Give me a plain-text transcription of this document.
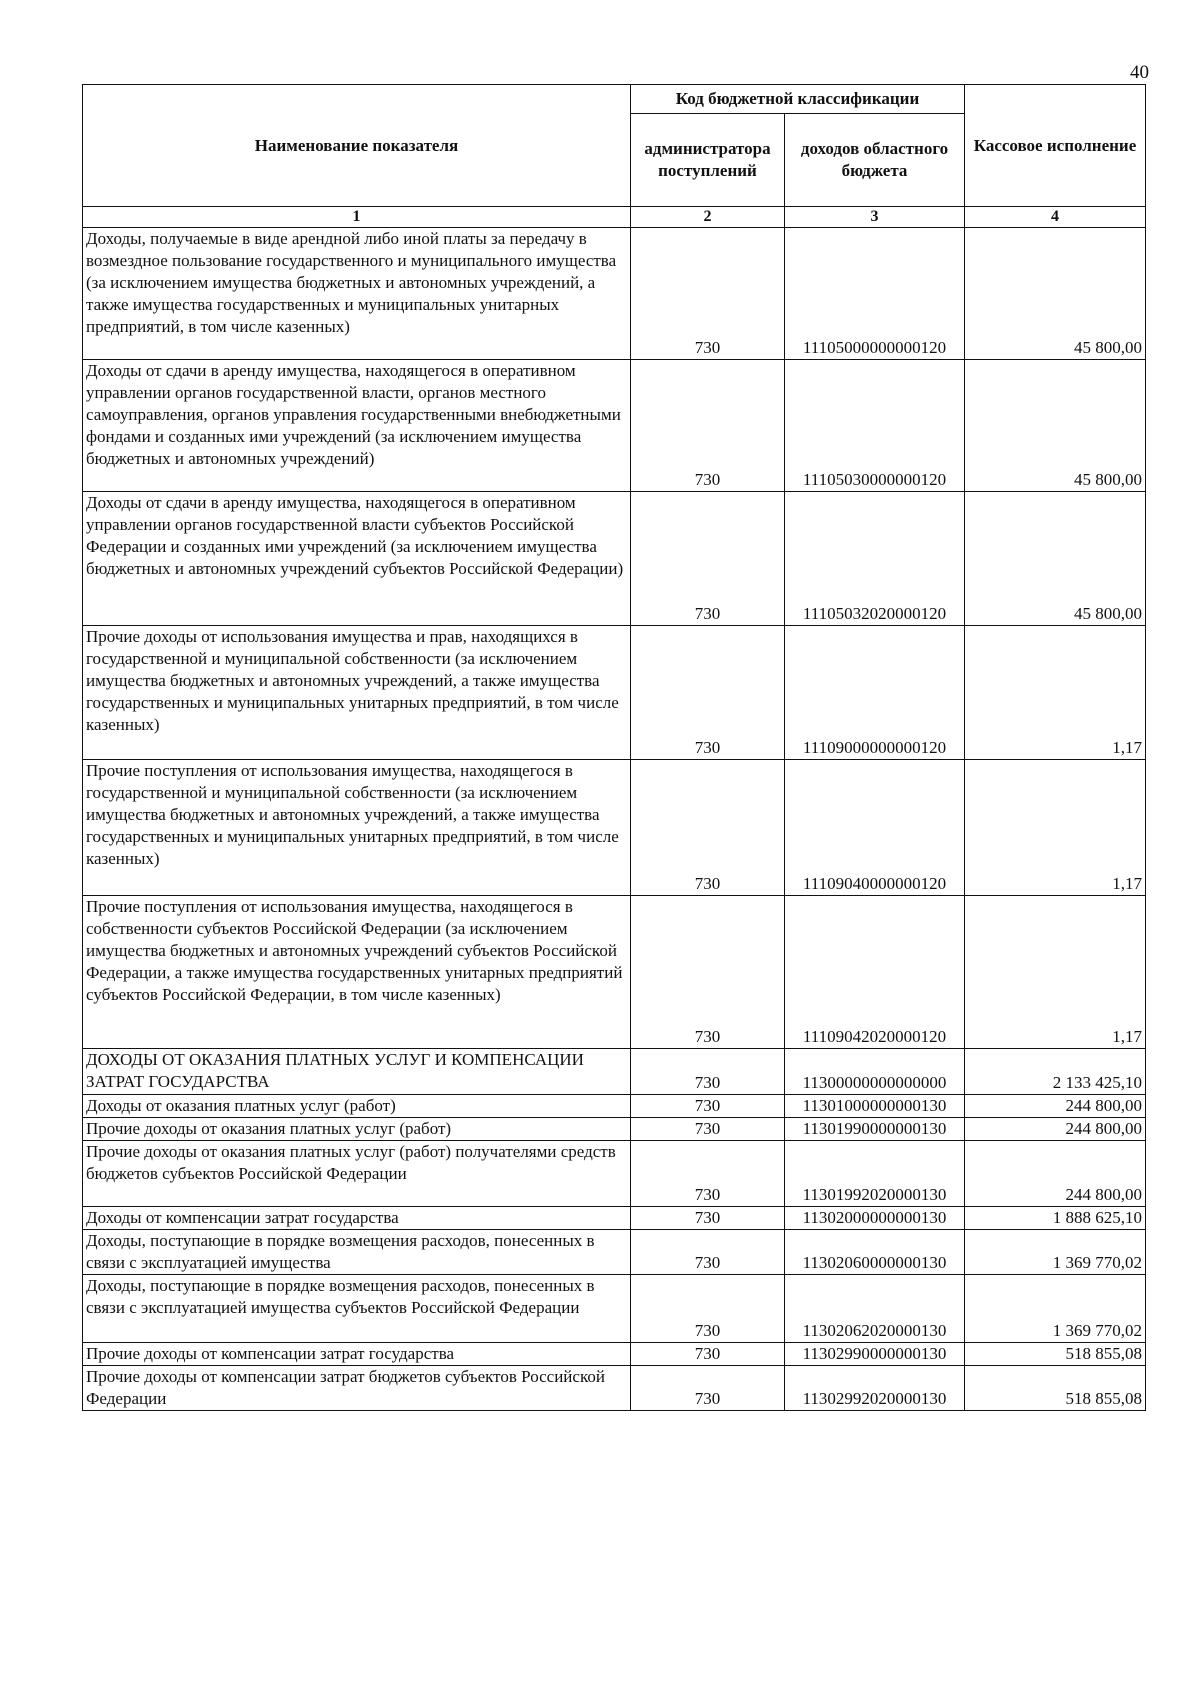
40
Наименование показателя	Код бюджетной классификации		Кассовое исполнение
	администратора поступлений	доходов областного бюджета	
1	2	3	4
Доходы, получаемые в виде арендной либо иной платы за передачу в возмездное пользование государственного и муниципального имущества (за исключением имущества бюджетных и автономных учреждений, а также имущества государственных и муниципальных унитарных предприятий, в том числе казенных)	730	11105000000000120	45 800,00
Доходы от сдачи в аренду имущества, находящегося в оперативном управлении органов государственной власти, органов местного самоуправления, органов управления государственными внебюджетными фондами и созданных ими учреждений (за исключением имущества бюджетных и автономных учреждений)	730	11105030000000120	45 800,00
Доходы от сдачи в аренду имущества, находящегося в оперативном управлении органов государственной власти субъектов Российской Федерации и созданных ими учреждений (за исключением имущества бюджетных и автономных учреждений субъектов Российской Федерации)	730	11105032020000120	45 800,00
Прочие доходы от использования имущества и прав, находящихся в государственной и муниципальной собственности (за исключением имущества бюджетных и автономных учреждений, а также имущества государственных и муниципальных унитарных предприятий, в том числе казенных)	730	11109000000000120	1,17
Прочие поступления от использования имущества, находящегося в государственной и муниципальной собственности (за исключением имущества бюджетных и автономных учреждений, а также имущества государственных и муниципальных унитарных предприятий, в том числе казенных)	730	11109040000000120	1,17
Прочие поступления от использования имущества, находящегося в собственности субъектов Российской Федерации (за исключением имущества бюджетных и автономных учреждений субъектов Российской Федерации, а также имущества государственных унитарных предприятий субъектов Российской Федерации, в том числе казенных)	730	11109042020000120	1,17
ДОХОДЫ ОТ ОКАЗАНИЯ ПЛАТНЫХ УСЛУГ И КОМПЕНСАЦИИ ЗАТРАТ ГОСУДАРСТВА	730	11300000000000000	2 133 425,10
Доходы от оказания платных услуг (работ)	730	11301000000000130	244 800,00
Прочие доходы от оказания платных услуг (работ)	730	11301990000000130	244 800,00
Прочие доходы от оказания платных услуг (работ) получателями средств бюджетов субъектов Российской Федерации	730	11301992020000130	244 800,00
Доходы от компенсации затрат государства	730	11302000000000130	1 888 625,10
Доходы, поступающие в порядке возмещения расходов, понесенных в связи с эксплуатацией имущества	730	11302060000000130	1 369 770,02
Доходы, поступающие в порядке возмещения расходов, понесенных в связи с эксплуатацией имущества субъектов Российской Федерации	730	11302062020000130	1 369 770,02
Прочие доходы от компенсации затрат государства	730	11302990000000130	518 855,08
Прочие доходы от компенсации затрат бюджетов субъектов Российской Федерации	730	11302992020000130	518 855,08
